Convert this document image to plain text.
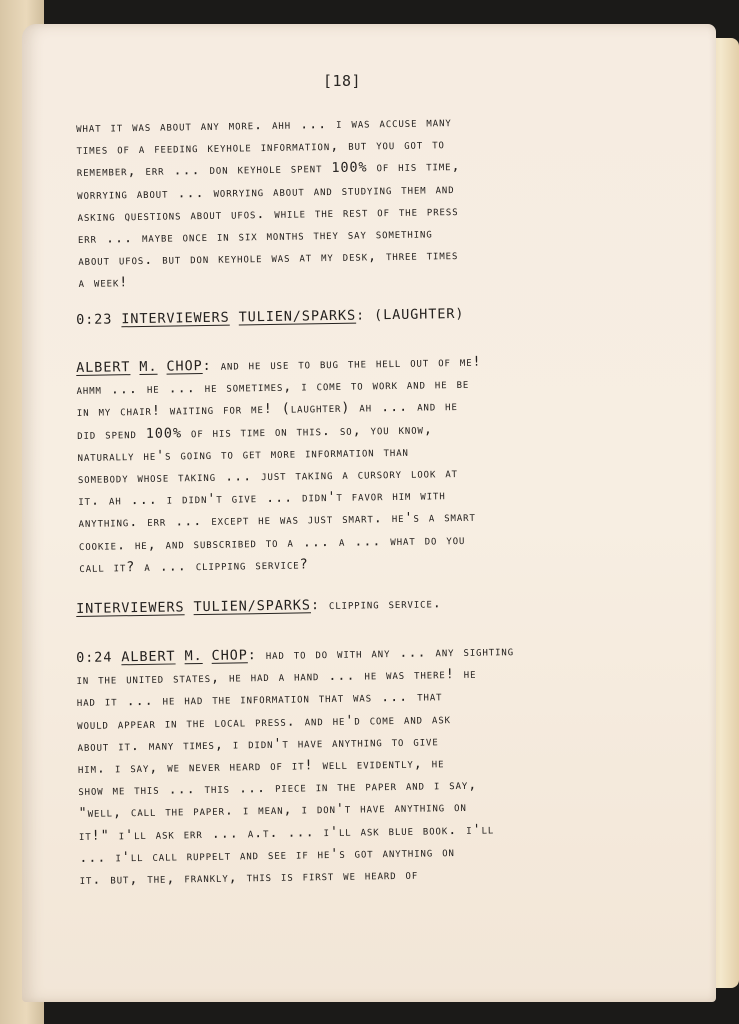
[18]
what it was about any more. ahh ... i was accuse many
times of a feeding keyhole information, but you got to
remember, err ... don keyhole spent 100% of his time,
worrying about ... worrying about and studying them and
asking questions about ufos. while the rest of the press
err ... maybe once in six months they say something
about ufos. but don keyhole was at my desk, three times
a week!
0:23 INTERVIEWERS TULIEN/SPARKS: (LAUGHTER)
ALBERT M. CHOP: and he use to bug the hell out of me!
ahmm ... he ... he sometimes, i come to work and he be
in my chair! waiting for me! (laughter) ah ... and he
did spend 100% of his time on this. so, you know,
naturally he's going to get more information than
somebody whose taking ... just taking a cursory look at
it. ah ... i didn't give ... didn't favor him with
anything. err ... except he was just smart. he's a smart
cookie. he, and subscribed to a ... a ... what do you
call it? a ... clipping service?
INTERVIEWERS TULIEN/SPARKS: clipping service.
0:24 ALBERT M. CHOP: had to do with any ... any sighting
in the united states, he had a hand ... he was there! he
had it ... he had the information that was ... that
would appear in the local press. and he'd come and ask
about it. many times, i didn't have anything to give
him. i say, we never heard of it! well evidently, he
show me this ... this ... piece in the paper and i say,
"well, call the paper. i mean, i don't have anything on
it!" i'll ask err ... a.t. ... i'll ask blue book. i'll
... i'll call ruppelt and see if he's got anything on
it. but, the, frankly, this is first we heard of
